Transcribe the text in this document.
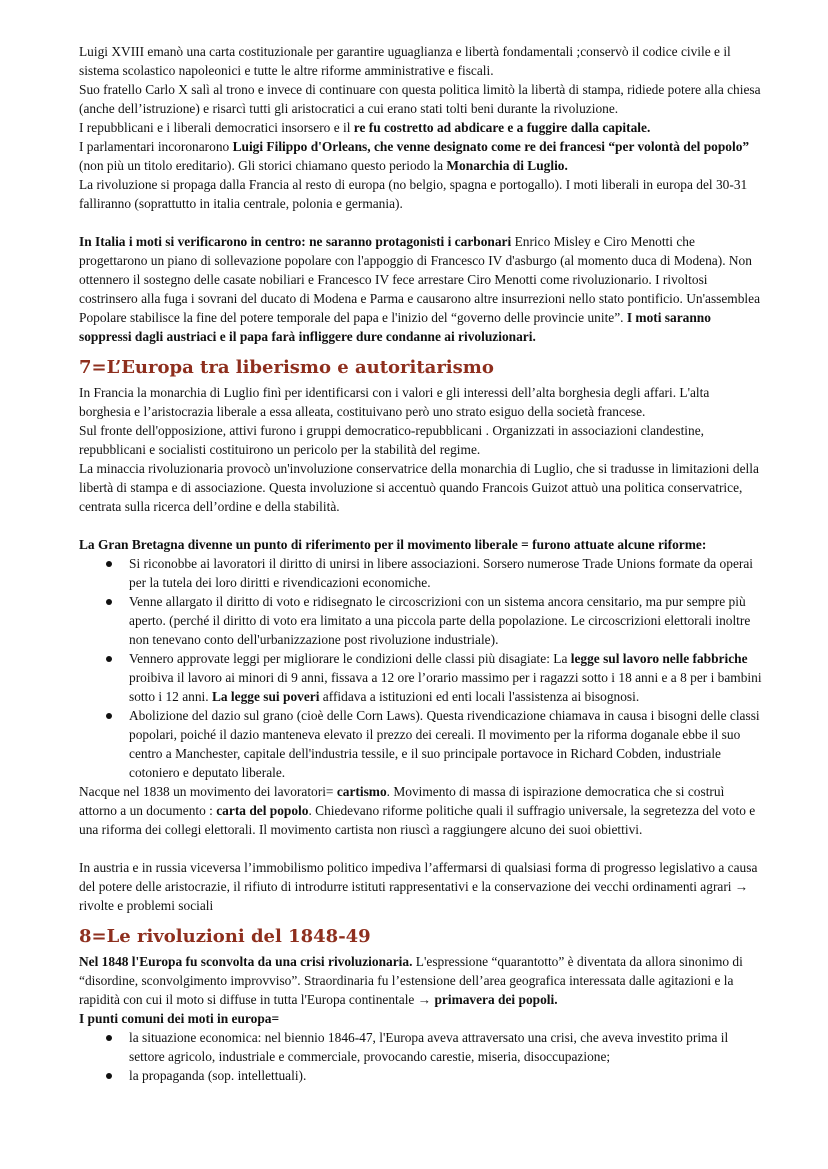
Luigi XVIII emanò una carta costituzionale per garantire uguaglianza e libertà fondamentali ;conservò il codice civile e il sistema scolastico napoleonici e tutte le altre riforme amministrative e fiscali.

Suo fratello Carlo X salì al trono e invece di continuare con questa politica limitò la libertà di stampa, ridiede potere alla chiesa (anche dell’istruzione) e risarcì tutti gli aristocratici a cui erano stati tolti beni durante la rivoluzione.

I repubblicani e i liberali democratici insorsero e il re fu costretto ad abdicare e a fuggire dalla capitale.

I parlamentari incoronarono Luigi Filippo d'Orleans, che venne designato come re dei francesi “per volontà del popolo” (non più un titolo ereditario). Gli storici chiamano questo periodo la Monarchia di Luglio.

La rivoluzione si propaga dalla Francia al resto di europa (no belgio, spagna e portogallo). I moti liberali in europa del 30-31 falliranno (soprattutto in italia centrale, polonia e germania).

In Italia i moti si verificarono in centro: ne saranno protagonisti i carbonari Enrico Misley e Ciro Menotti che progettarono un piano di sollevazione popolare con l'appoggio di Francesco IV d'asburgo (al momento duca di Modena). Non ottennero il sostegno delle casate nobiliari e Francesco IV fece arrestare Ciro Menotti come rivoluzionario. I rivoltosi costrinsero alla fuga i sovrani del ducato di Modena e Parma e causarono altre insurrezioni nello stato pontificio. Un'assemblea Popolare stabilisce la fine del potere temporale del papa e l'inizio del “governo delle provincie unite”. I moti saranno soppressi dagli austriaci e il papa farà infliggere dure condanne ai rivoluzionari.

7=L’Europa tra liberismo e autoritarismo

In Francia la monarchia di Luglio finì per identificarsi con i valori e gli interessi dell’alta borghesia degli affari. L'alta borghesia e l’aristocrazia liberale a essa alleata, costituivano però uno strato esiguo della società francese.

Sul fronte dell'opposizione, attivi furono i gruppi democratico-repubblicani . Organizzati in associazioni clandestine, repubblicani e socialisti costituirono un pericolo per la stabilità del regime.

La minaccia rivoluzionaria provocò un'involuzione conservatrice della monarchia di Luglio, che si tradusse in limitazioni della libertà di stampa e di associazione. Questa involuzione si accentuò quando Francois Guizot attuò una politica conservatrice, centrata sulla ricerca dell’ordine e della stabilità.

La Gran Bretagna divenne un punto di riferimento per il movimento liberale = furono attuate alcune riforme:

Si riconobbe ai lavoratori il diritto di unirsi in libere associazioni. Sorsero numerose Trade Unions formate da operai per la tutela dei loro diritti e rivendicazioni economiche.
Venne allargato il diritto di voto e ridisegnato le circoscrizioni con un sistema ancora censitario, ma pur sempre più aperto. (perché il diritto di voto era limitato a una piccola parte della popolazione. Le circoscrizioni elettorali inoltre non tenevano conto dell'urbanizzazione post rivoluzione industriale).
Vennero approvate leggi per migliorare le condizioni delle classi più disagiate: La legge sul lavoro nelle fabbriche proibiva il lavoro ai minori di 9 anni, fissava a 12 ore l’orario massimo per i ragazzi sotto i 18 anni e a 8 per i bambini sotto i 12 anni. La legge sui poveri affidava a istituzioni ed enti locali l'assistenza ai bisognosi.
Abolizione del dazio sul grano (cioè delle Corn Laws). Questa rivendicazione chiamava in causa i bisogni delle classi popolari, poiché il dazio manteneva elevato il prezzo dei cereali. Il movimento per la riforma doganale ebbe il suo centro a Manchester, capitale dell'industria tessile, e il suo principale portavoce in Richard Cobden, industriale cotoniero e deputato liberale.

Nacque nel 1838 un movimento dei lavoratori= cartismo. Movimento di massa di ispirazione democratica che si costruì attorno a un documento : carta del popolo. Chiedevano riforme politiche quali il suffragio universale, la segretezza del voto e una riforma dei collegi elettorali. Il movimento cartista non riuscì a raggiungere alcuno dei suoi obiettivi.

In austria e in russia viceversa l’immobilismo politico impediva l’affermarsi di qualsiasi forma di progresso legislativo a causa del potere delle aristocrazie, il rifiuto di introdurre istituti rappresentativi e la conservazione dei vecchi ordinamenti agrari → rivolte e problemi sociali

8=Le rivoluzioni del 1848-49

Nel 1848 l'Europa fu sconvolta da una crisi rivoluzionaria. L'espressione “quarantotto” è diventata da allora sinonimo di “disordine, sconvolgimento improvviso”. Straordinaria fu l’estensione dell’area geografica interessata dalle agitazioni e la rapidità con cui il moto si diffuse in tutta l'Europa continentale → primavera dei popoli.

I punti comuni dei moti in europa=

la situazione economica: nel biennio 1846-47, l'Europa aveva attraversato una crisi, che aveva investito prima il settore agricolo, industriale e commerciale, provocando carestie, miseria, disoccupazione;
la propaganda (sop. intellettuali).
